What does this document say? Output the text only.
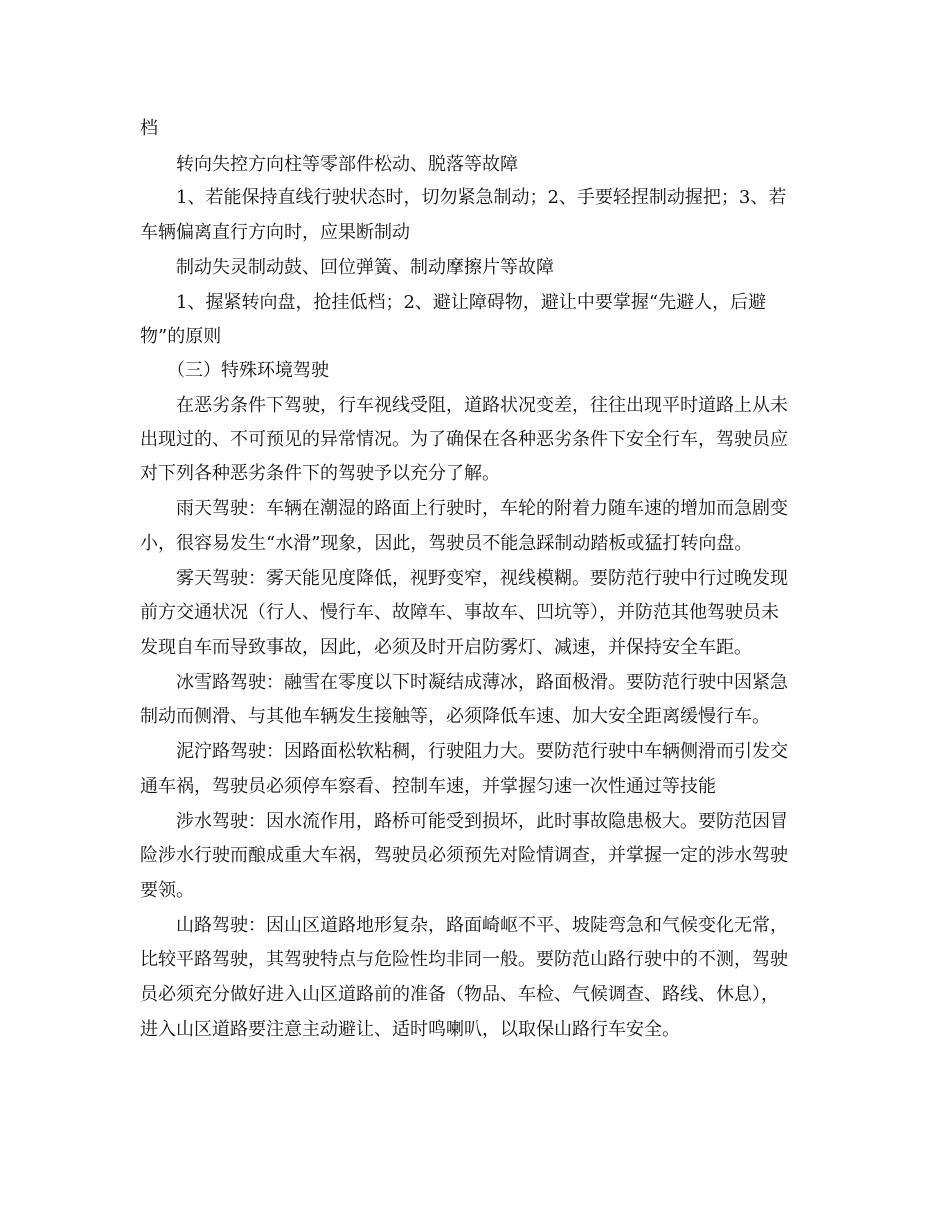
档
转向失控方向柱等零部件松动、脱落等故障
1、若能保持直线行驶状态时，切勿紧急制动；2、手要轻捏制动握把；3、若
车辆偏离直行方向时，应果断制动
制动失灵制动鼓、回位弹簧、制动摩擦片等故障
1、握紧转向盘，抢挂低档；2、避让障碍物，避让中要掌握“先避人，后避
物”的原则
（三）特殊环境驾驶
在恶劣条件下驾驶，行车视线受阻，道路状况变差，往往出现平时道路上从未
出现过的、不可预见的异常情况。为了确保在各种恶劣条件下安全行车，驾驶员应
对下列各种恶劣条件下的驾驶予以充分了解。
雨天驾驶：车辆在潮湿的路面上行驶时，车轮的附着力随车速的增加而急剧变
小，很容易发生“水滑”现象，因此，驾驶员不能急踩制动踏板或猛打转向盘。
雾天驾驶：雾天能见度降低，视野变窄，视线模糊。要防范行驶中行过晚发现
前方交通状况（行人、慢行车、故障车、事故车、凹坑等），并防范其他驾驶员未
发现自车而导致事故，因此，必须及时开启防雾灯、减速，并保持安全车距。
冰雪路驾驶：融雪在零度以下时凝结成薄冰，路面极滑。要防范行驶中因紧急
制动而侧滑、与其他车辆发生接触等，必须降低车速、加大安全距离缓慢行车。
泥泞路驾驶：因路面松软粘稠，行驶阻力大。要防范行驶中车辆侧滑而引发交
通车祸，驾驶员必须停车察看、控制车速，并掌握匀速一次性通过等技能
涉水驾驶：因水流作用，路桥可能受到损坏，此时事故隐患极大。要防范因冒
险涉水行驶而酿成重大车祸，驾驶员必须预先对险情调查，并掌握一定的涉水驾驶
要领。
山路驾驶：因山区道路地形复杂，路面崎岖不平、坡陡弯急和气候变化无常，
比较平路驾驶，其驾驶特点与危险性均非同一般。要防范山路行驶中的不测，驾驶
员必须充分做好进入山区道路前的准备（物品、车检、气候调查、路线、休息），
进入山区道路要注意主动避让、适时鸣喇叭，以取保山路行车安全。
